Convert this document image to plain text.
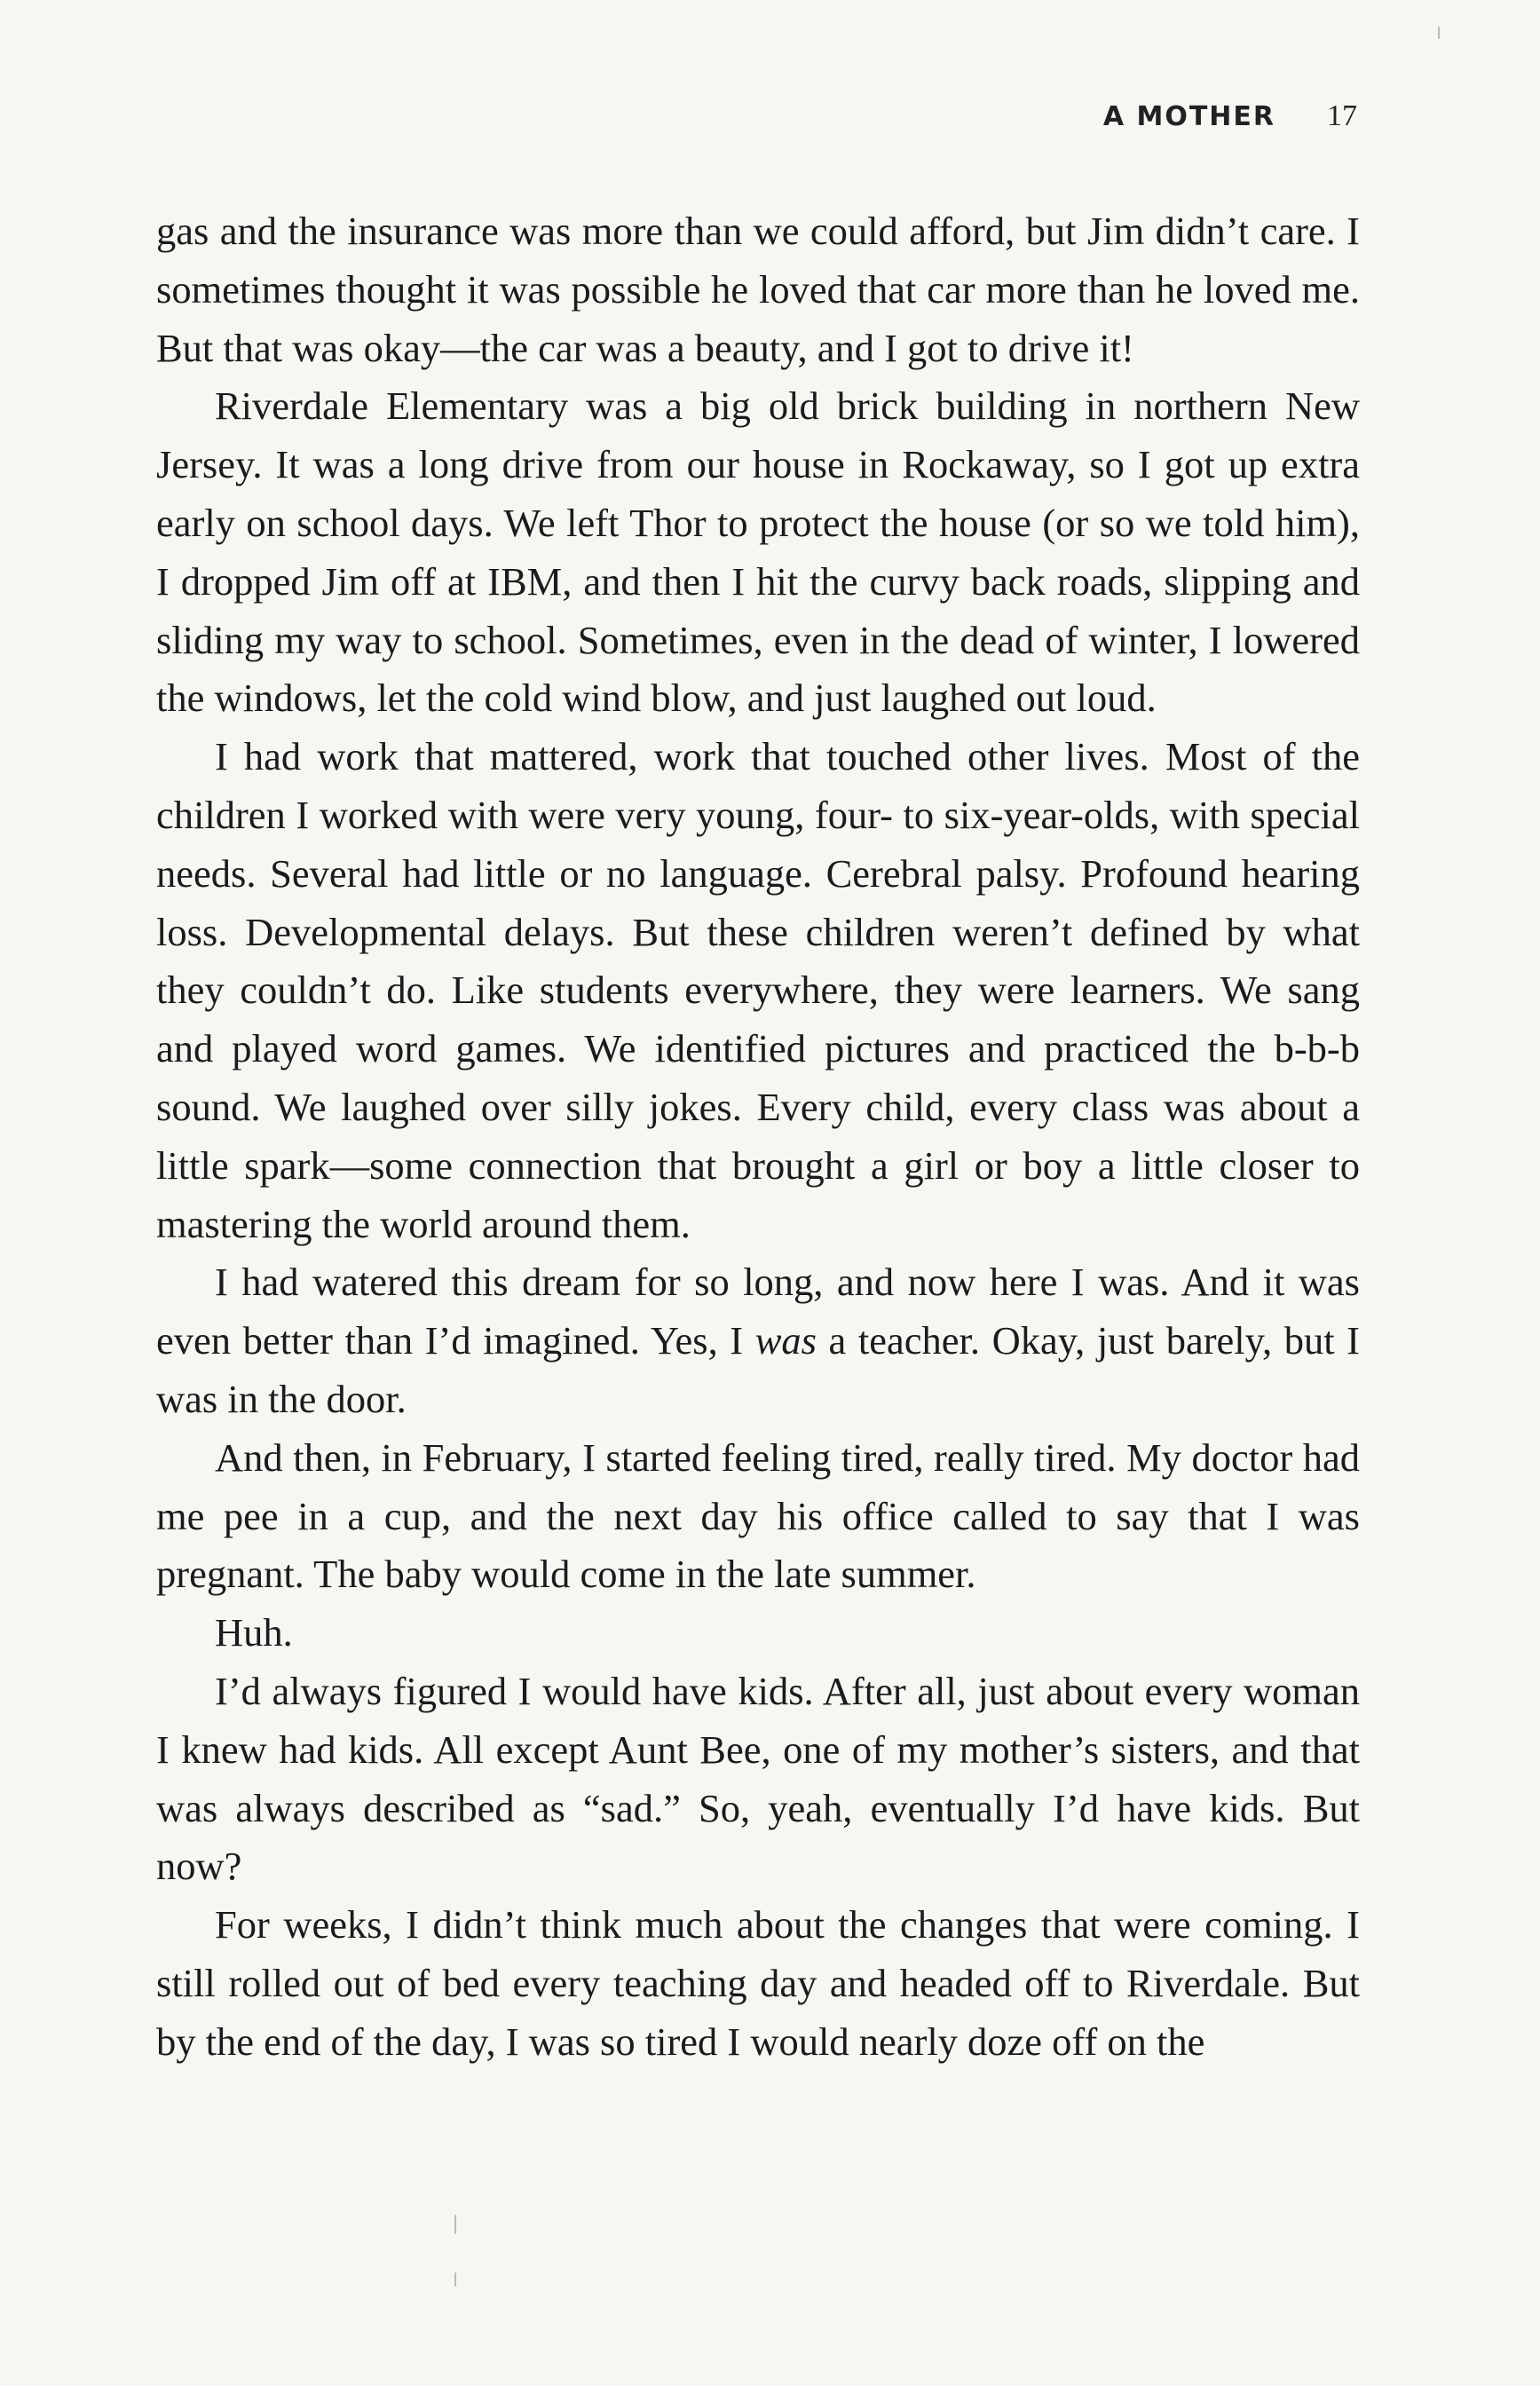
A MOTHER 17

gas and the insurance was more than we could afford, but Jim didn’t care. I sometimes thought it was possible he loved that car more than he loved me. But that was okay—the car was a beauty, and I got to drive it!

Riverdale Elementary was a big old brick building in northern New Jersey. It was a long drive from our house in Rockaway, so I got up extra early on school days. We left Thor to protect the house (or so we told him), I dropped Jim off at IBM, and then I hit the curvy back roads, slipping and sliding my way to school. Sometimes, even in the dead of winter, I lowered the windows, let the cold wind blow, and just laughed out loud.

I had work that mattered, work that touched other lives. Most of the children I worked with were very young, four- to six-year-olds, with special needs. Several had little or no language. Cerebral palsy. Profound hearing loss. Developmental delays. But these children weren’t defined by what they couldn’t do. Like students everywhere, they were learners. We sang and played word games. We identified pictures and practiced the b-b-b sound. We laughed over silly jokes. Every child, every class was about a little spark—some connection that brought a girl or boy a little closer to mastering the world around them.

I had watered this dream for so long, and now here I was. And it was even better than I’d imagined. Yes, I was a teacher. Okay, just barely, but I was in the door.

And then, in February, I started feeling tired, really tired. My doctor had me pee in a cup, and the next day his office called to say that I was pregnant. The baby would come in the late summer.

Huh.

I’d always figured I would have kids. After all, just about every woman I knew had kids. All except Aunt Bee, one of my mother’s sisters, and that was always described as “sad.” So, yeah, eventually I’d have kids. But now?

For weeks, I didn’t think much about the changes that were coming. I still rolled out of bed every teaching day and headed off to Riverdale. But by the end of the day, I was so tired I would nearly doze off on the
